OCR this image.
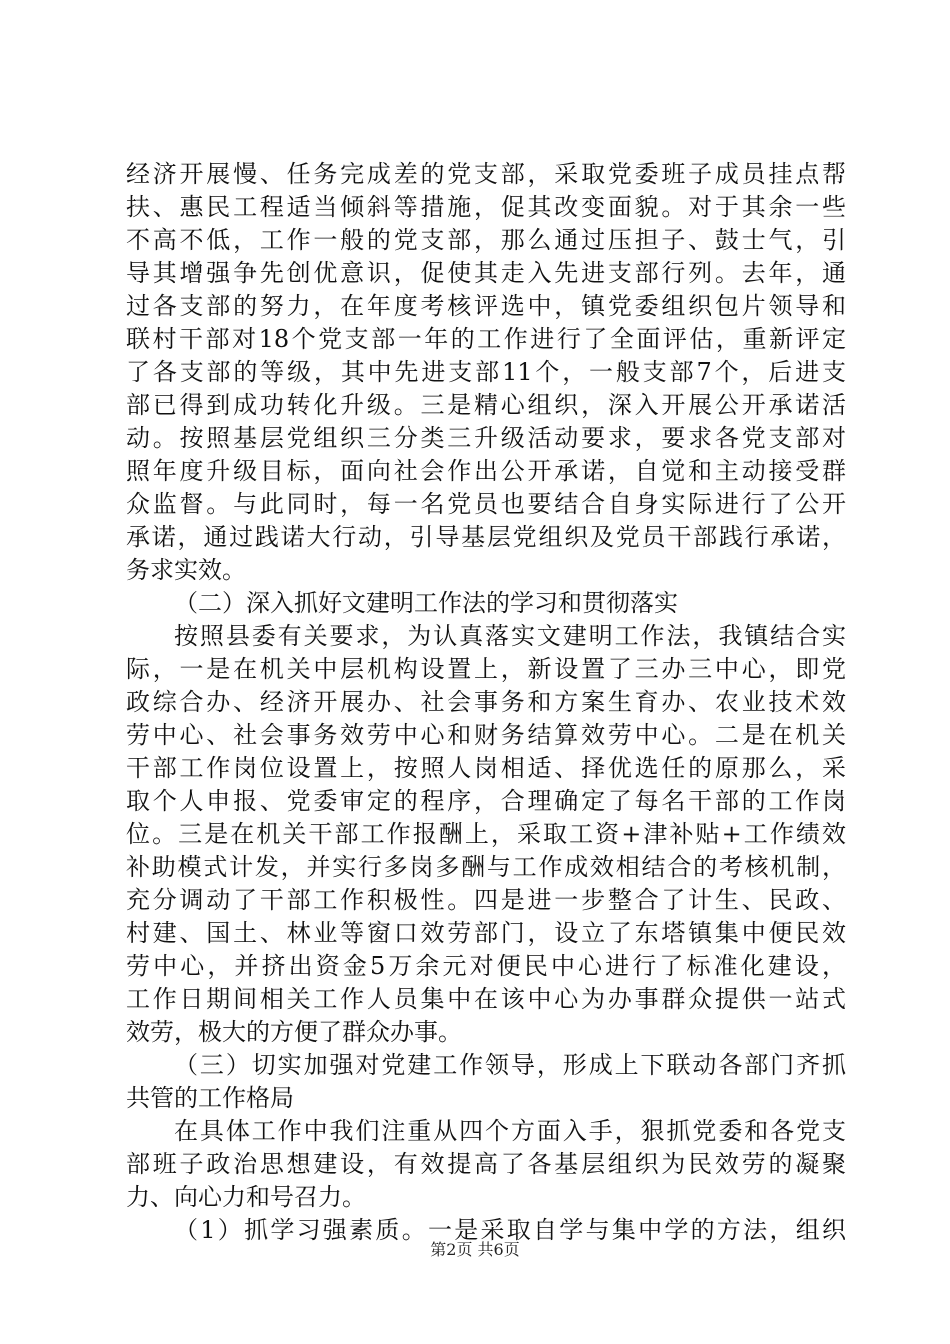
经济开展慢、任务完成差的党支部，采取党委班子成员挂点帮
扶、惠民工程适当倾斜等措施，促其改变面貌。对于其余一些
不高不低，工作一般的党支部，那么通过压担子、鼓士气，引
导其增强争先创优意识，促使其走入先进支部行列。去年，通
过各支部的努力，在年度考核评选中，镇党委组织包片领导和
联村干部对18个党支部一年的工作进行了全面评估，重新评定
了各支部的等级，其中先进支部11个，一般支部7个，后进支
部已得到成功转化升级。三是精心组织，深入开展公开承诺活
动。按照基层党组织三分类三升级活动要求，要求各党支部对
照年度升级目标，面向社会作出公开承诺，自觉和主动接受群
众监督。与此同时，每一名党员也要结合自身实际进行了公开
承诺，通过践诺大行动，引导基层党组织及党员干部践行承诺，
务求实效。
（二）深入抓好文建明工作法的学习和贯彻落实
按照县委有关要求，为认真落实文建明工作法，我镇结合实
际，一是在机关中层机构设置上，新设置了三办三中心，即党
政综合办、经济开展办、社会事务和方案生育办、农业技术效
劳中心、社会事务效劳中心和财务结算效劳中心。二是在机关
干部工作岗位设置上，按照人岗相适、择优选任的原那么，采
取个人申报、党委审定的程序，合理确定了每名干部的工作岗
位。三是在机关干部工作报酬上，采取工资+津补贴+工作绩效
补助模式计发，并实行多岗多酬与工作成效相结合的考核机制，
充分调动了干部工作积极性。四是进一步整合了计生、民政、
村建、国土、林业等窗口效劳部门，设立了东塔镇集中便民效
劳中心，并挤出资金5万余元对便民中心进行了标准化建设，
工作日期间相关工作人员集中在该中心为办事群众提供一站式
效劳，极大的方便了群众办事。
（三）切实加强对党建工作领导，形成上下联动各部门齐抓
共管的工作格局
在具体工作中我们注重从四个方面入手，狠抓党委和各党支
部班子政治思想建设，有效提高了各基层组织为民效劳的凝聚
力、向心力和号召力。
（1）抓学习强素质。一是采取自学与集中学的方法，组织
第2页 共6页
